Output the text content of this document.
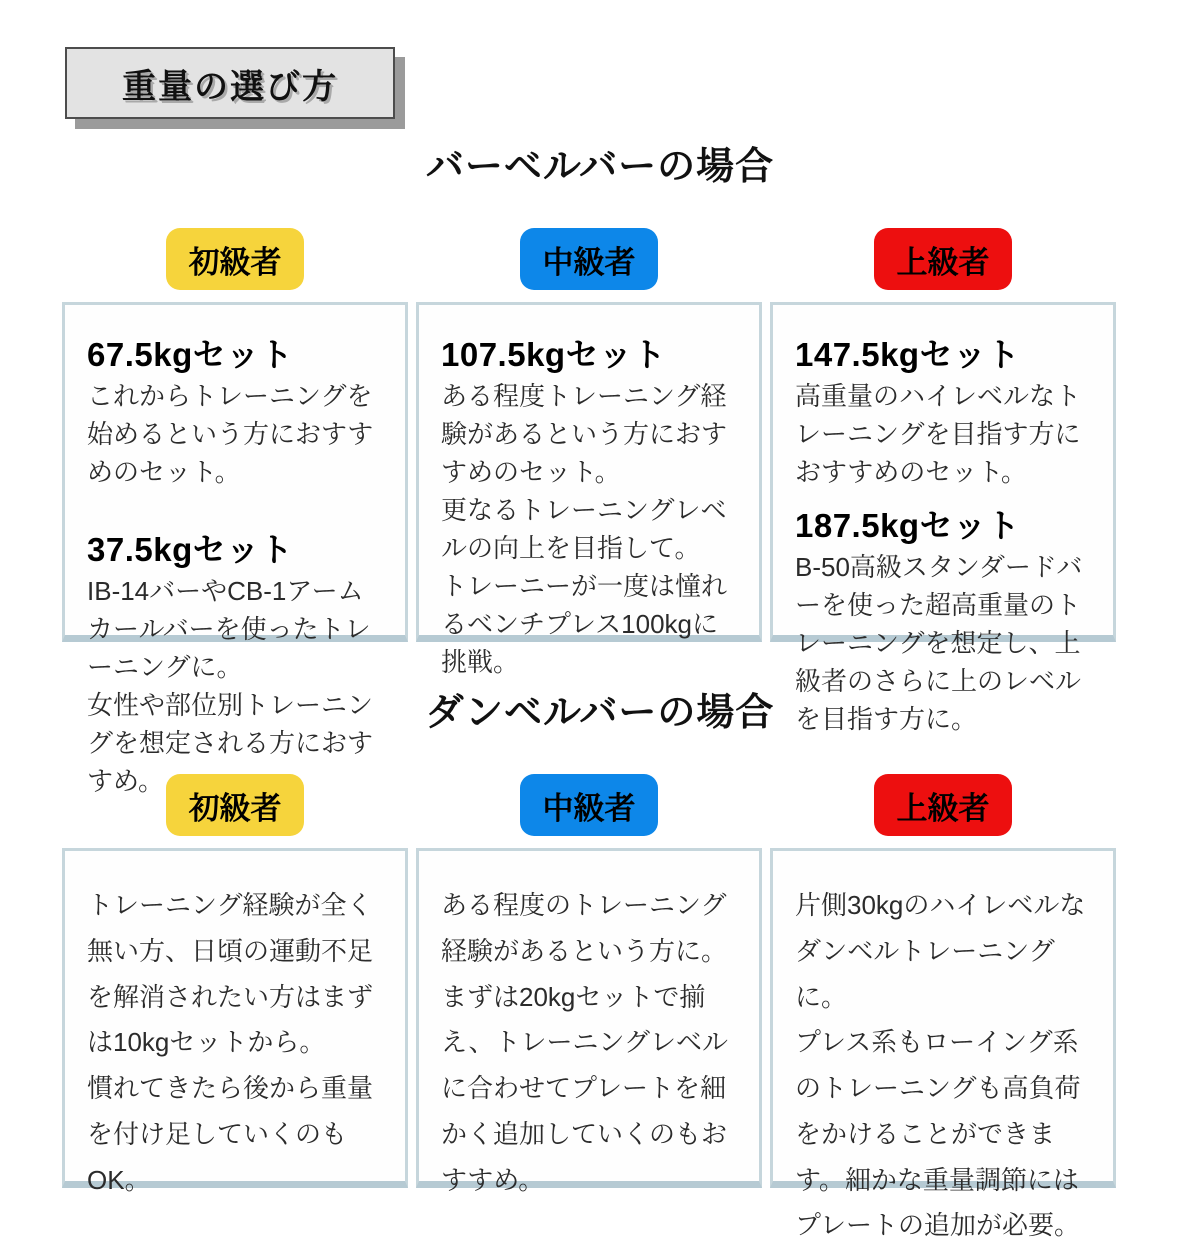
重量の選び方
バーベルバーの場合
初級者	中級者	上級者
67.5kgセット

これからトレーニングを始めるという方におすすめのセット。

37.5kgセット

IB-14バーやCB-1アームカールバーを使ったトレーニングに。
女性や部位別トレーニングを想定される方におすすめ。

107.5kgセット

ある程度トレーニング経験があるという方におすすめのセット。
更なるトレーニングレベルの向上を目指して。
トレーニーが一度は憧れるベンチプレス100kgに挑戦。

147.5kgセット

高重量のハイレベルなトレーニングを目指す方におすすめのセット。

187.5kgセット

B-50高級スタンダードバーを使った超高重量のトレーニングを想定し、上級者のさらに上のレベルを目指す方に。

ダンベルバーの場合
初級者	中級者	上級者

トレーニング経験が全く無い方、日頃の運動不足を解消されたい方はまずは10kgセットから。
慣れてきたら後から重量を付け足していくのもOK。

ある程度のトレーニング経験があるという方に。
まずは20kgセットで揃え、トレーニングレベルに合わせてプレートを細かく追加していくのもおすすめ。

片側30kgのハイレベルなダンベルトレーニングに。
プレス系もローイング系のトレーニングも高負荷をかけることができます。細かな重量調節にはプレートの追加が必要。
